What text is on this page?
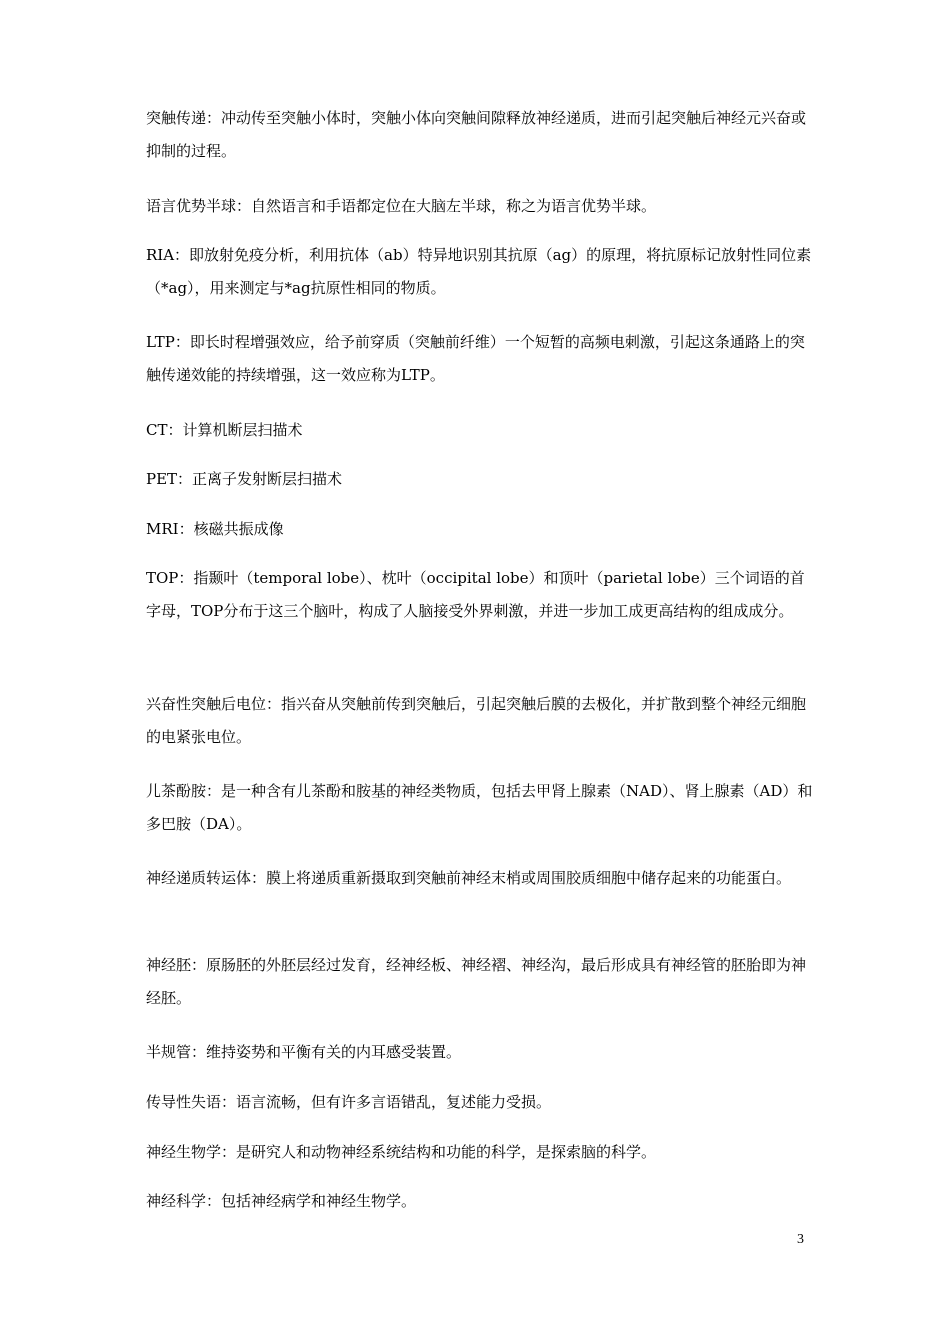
突触传递：冲动传至突触小体时，突触小体向突触间隙释放神经递质，进而引起突触后神经元兴奋或抑制的过程。

语言优势半球：自然语言和手语都定位在大脑左半球，称之为语言优势半球。

RIA：即放射免疫分析，利用抗体（ab）特异地识别其抗原（ag）的原理，将抗原标记放射性同位素（*ag），用来测定与*ag抗原性相同的物质。

LTP：即长时程增强效应，给予前穿质（突触前纤维）一个短暂的高频电刺激，引起这条通路上的突触传递效能的持续增强，这一效应称为LTP。

CT：计算机断层扫描术

PET：正离子发射断层扫描术

MRI：核磁共振成像

TOP：指颞叶（temporal lobe）、枕叶（occipital lobe）和顶叶（parietal lobe）三个词语的首字母，TOP分布于这三个脑叶，构成了人脑接受外界刺激，并进一步加工成更高结构的组成成分。

兴奋性突触后电位：指兴奋从突触前传到突触后，引起突触后膜的去极化，并扩散到整个神经元细胞的电紧张电位。

儿茶酚胺：是一种含有儿茶酚和胺基的神经类物质，包括去甲肾上腺素（NAD）、肾上腺素（AD）和多巴胺（DA）。

神经递质转运体：膜上将递质重新摄取到突触前神经末梢或周围胶质细胞中储存起来的功能蛋白。

神经胚：原肠胚的外胚层经过发育，经神经板、神经褶、神经沟，最后形成具有神经管的胚胎即为神经胚。

半规管：维持姿势和平衡有关的内耳感受装置。

传导性失语：语言流畅，但有许多言语错乱，复述能力受损。

神经生物学：是研究人和动物神经系统结构和功能的科学，是探索脑的科学。

神经科学：包括神经病学和神经生物学。

3
